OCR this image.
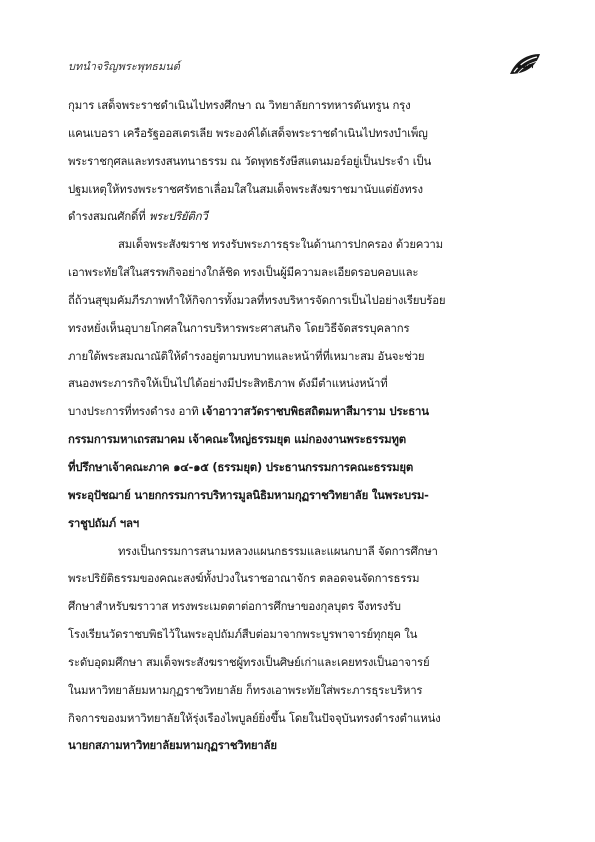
บทนำจริญพระพุทธมนต์	๑๘๓
กุมาร เสด็จพระราชดำเนินไปทรงศึกษา ณ วิทยาลัยการทหารดันทรูน กรุง
แคนเบอรา เครือรัฐออสเตรเลีย พระองค์ได้เสด็จพระราชดำเนินไปทรงบำเพ็ญ
พระราชกุศลและทรงสนทนาธรรม ณ วัดพุทธรังษีสแตนมอร์อยู่เป็นประจำ เป็น
ปฐมเหตุให้ทรงพระราชศรัทธาเลื่อมใสในสมเด็จพระสังฆราชมานับแต่ยังทรง
ดำรงสมณศักดิ์ที่ พระปริยัติกวี
สมเด็จพระสังฆราช ทรงรับพระภารธุระในด้านการปกครอง ด้วยความ
เอาพระทัยใส่ในสรรพกิจอย่างใกล้ชิด ทรงเป็นผู้มีความละเอียดรอบคอบและ
ถี่ถ้วนสุขุมคัมภีรภาพทำให้กิจการทั้งมวลที่ทรงบริหารจัดการเป็นไปอย่างเรียบร้อย
ทรงหยั่งเห็นอุบายโกศลในการบริหารพระศาสนกิจ โดยวิธีจัดสรรบุคลากร
ภายใต้พระสมณาณัติให้ดำรงอยู่ตามบทบาทและหน้าที่ที่เหมาะสม อันจะช่วย
สนองพระภารกิจให้เป็นไปได้อย่างมีประสิทธิภาพ ดังมีตำแหน่งหน้าที่
บางประการที่ทรงดำรง อาทิ เจ้าอาวาสวัดราชบพิธสถิตมหาสีมาราม ประธาน
กรรมการมหาเถรสมาคม เจ้าคณะใหญ่ธรรมยุต แม่กองงานพระธรรมทูต
ที่ปรึกษาเจ้าคณะภาค ๑๔-๑๕ (ธรรมยุต) ประธานกรรมการคณะธรรมยุต
พระอุปัชฌาย์ นายกกรรมการบริหารมูลนิธิมหามกุฏราชวิทยาลัย ในพระบรม-
ราชูปถัมภ์ ฯลฯ
ทรงเป็นกรรมการสนามหลวงแผนกธรรมและแผนกบาลี จัดการศึกษา
พระปริยัติธรรมของคณะสงฆ์ทั้งปวงในราชอาณาจักร ตลอดจนจัดการธรรม
ศึกษาสำหรับฆราวาส ทรงพระเมตตาต่อการศึกษาของกุลบุตร จึงทรงรับ
โรงเรียนวัดราชบพิธไว้ในพระอุปถัมภ์สืบต่อมาจากพระบูรพาจารย์ทุกยุค ใน
ระดับอุดมศึกษา สมเด็จพระสังฆราชผู้ทรงเป็นศิษย์เก่าและเคยทรงเป็นอาจารย์
ในมหาวิทยาลัยมหามกุฏราชวิทยาลัย ก็ทรงเอาพระทัยใส่พระภารธุระบริหาร
กิจการของมหาวิทยาลัยให้รุ่งเรืองไพบูลย์ยิ่งขึ้น โดยในปัจจุบันทรงดำรงตำแหน่ง
นายกสภามหาวิทยาลัยมหามกุฏราชวิทยาลัย
